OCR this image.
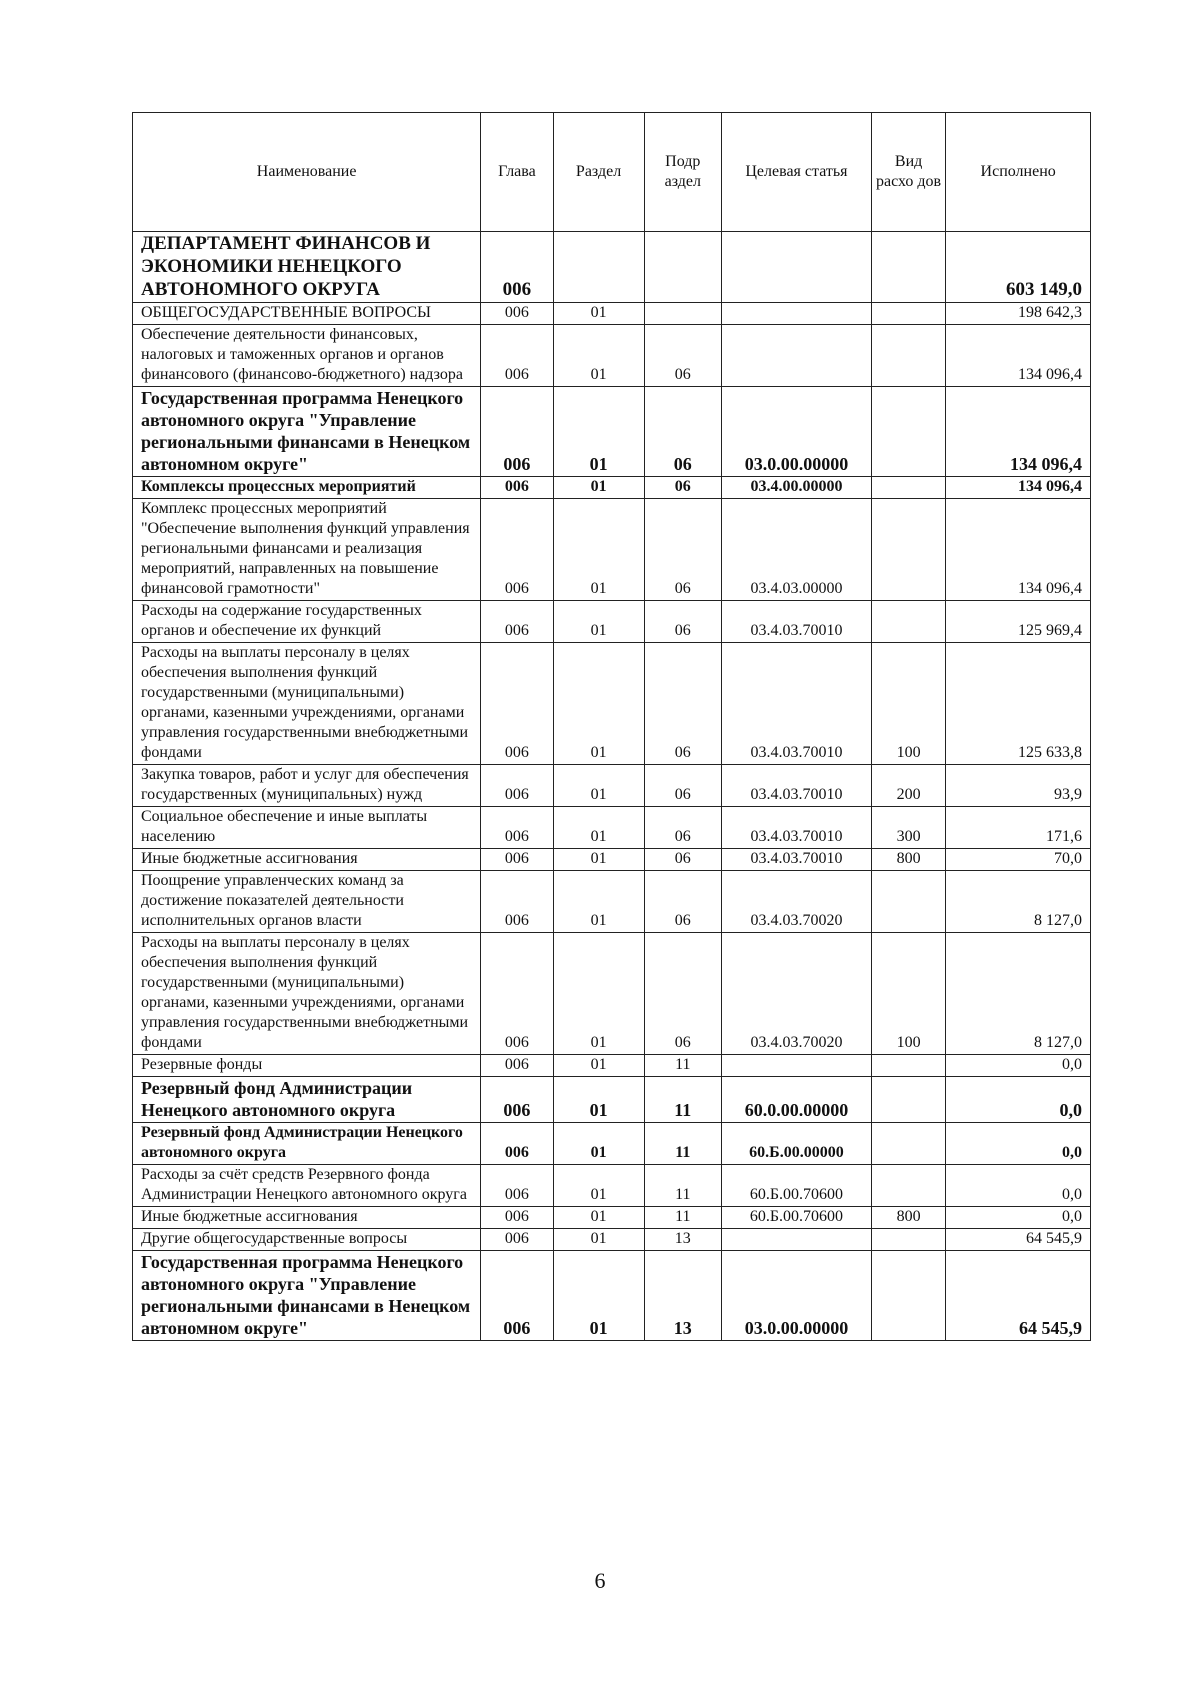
Наименование	Глава	Раздел	Подр аздел	Целевая статья	Вид расхо дов	Исполнено
ДЕПАРТАМЕНТ ФИНАНСОВ И ЭКОНОМИКИ НЕНЕЦКОГО АВТОНОМНОГО ОКРУГА	006					603 149,0
ОБЩЕГОСУДАРСТВЕННЫЕ ВОПРОСЫ	006	01				198 642,3
Обеспечение деятельности финансовых, налоговых и таможенных органов и органов финансового (финансово-бюджетного) надзора	006	01	06			134 096,4
Государственная программа Ненецкого автономного округа "Управление региональными финансами в Ненецком автономном округе"	006	01	06	03.0.00.00000		134 096,4
Комплексы процессных мероприятий	006	01	06	03.4.00.00000		134 096,4
Комплекс процессных мероприятий "Обеспечение выполнения функций управления региональными финансами и реализация мероприятий, направленных на повышение финансовой грамотности"	006	01	06	03.4.03.00000		134 096,4
Расходы на содержание государственных органов и обеспечение их функций	006	01	06	03.4.03.70010		125 969,4
Расходы на выплаты персоналу в целях обеспечения выполнения функций государственными (муниципальными) органами, казенными учреждениями, органами управления государственными внебюджетными фондами	006	01	06	03.4.03.70010	100	125 633,8
Закупка товаров, работ и услуг для обеспечения государственных (муниципальных) нужд	006	01	06	03.4.03.70010	200	93,9
Социальное обеспечение и иные выплаты населению	006	01	06	03.4.03.70010	300	171,6
Иные бюджетные ассигнования	006	01	06	03.4.03.70010	800	70,0
Поощрение управленческих команд за достижение показателей деятельности исполнительных органов власти	006	01	06	03.4.03.70020		8 127,0
Расходы на выплаты персоналу в целях обеспечения выполнения функций государственными (муниципальными) органами, казенными учреждениями, органами управления государственными внебюджетными фондами	006	01	06	03.4.03.70020	100	8 127,0
Резервные фонды	006	01	11			0,0
Резервный фонд Администрации Ненецкого автономного округа	006	01	11	60.0.00.00000		0,0
Резервный фонд Администрации Ненецкого автономного округа	006	01	11	60.Б.00.00000		0,0
Расходы за счёт средств Резервного фонда Администрации Ненецкого автономного округа	006	01	11	60.Б.00.70600		0,0
Иные бюджетные ассигнования	006	01	11	60.Б.00.70600	800	0,0
Другие общегосударственные вопросы	006	01	13			64 545,9
Государственная программа Ненецкого автономного округа "Управление региональными финансами в Ненецком автономном округе"	006	01	13	03.0.00.00000		64 545,9
6
